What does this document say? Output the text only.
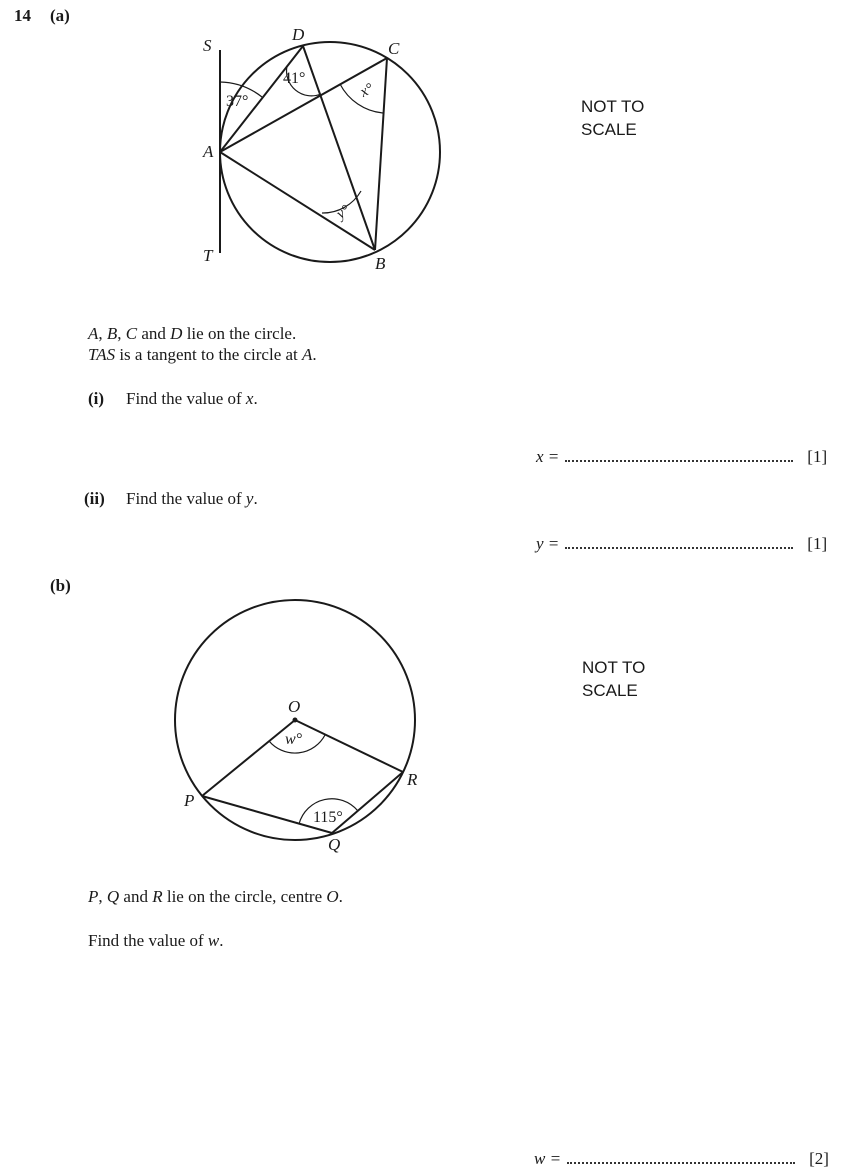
14 (a)
S
D
C
A
T	B
37°
41°
x°
y°
NOT TO
SCALE
A, B, C and D lie on the circle.
TAS is a tangent to the circle at A.
(i) Find the value of x.
x =	[1]
(ii) Find the value of y.
y =	[1]
(b)
O
P
Q
R
w°
115°
NOT TO
SCALE
P, Q and R lie on the circle, centre O.
Find the value of w.
w =	[2]
